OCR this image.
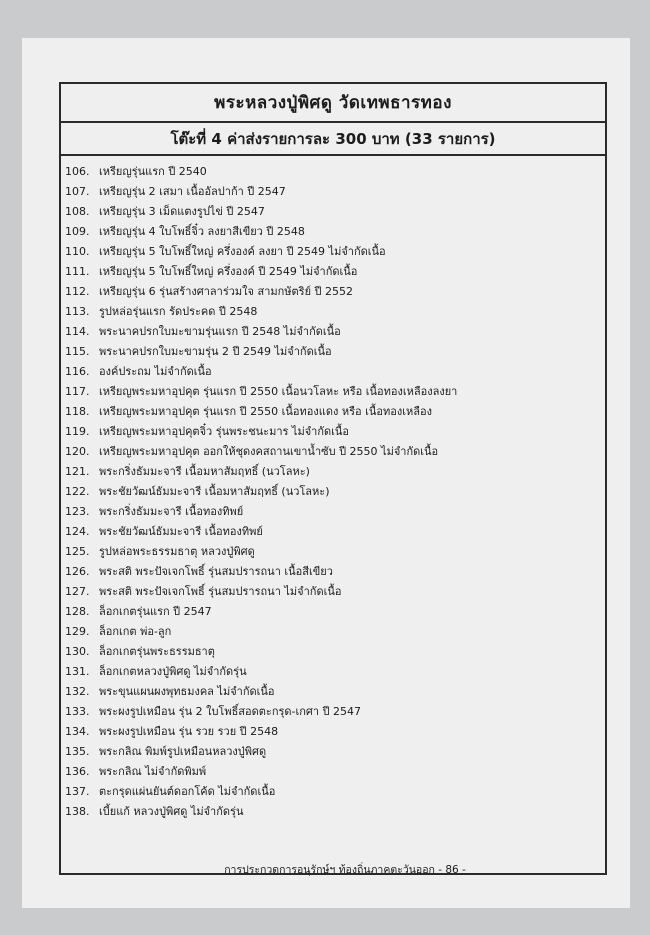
พระหลวงปู่พิศดู วัดเทพธารทอง
โต๊ะที่ 4 ค่าส่งรายการละ 300 บาท (33 รายการ)
106. เหรียญรุ่นแรก ปี 2540
107. เหรียญรุ่น 2 เสมา เนื้ออัลปาก้า ปี 2547
108. เหรียญรุ่น 3 เม็ดแตงรูปไข่ ปี 2547
109. เหรียญรุ่น 4 ใบโพธิ์จิ๋ว ลงยาสีเขียว ปี 2548
110. เหรียญรุ่น 5 ใบโพธิ์ใหญ่ ครึ่งองค์ ลงยา ปี 2549 ไม่จำกัดเนื้อ
111. เหรียญรุ่น 5 ใบโพธิ์ใหญ่ ครึ่งองค์ ปี 2549 ไม่จำกัดเนื้อ
112. เหรียญรุ่น 6 รุ่นสร้างศาลาร่วมใจ สามกษัตริย์ ปี 2552
113. รูปหล่อรุ่นแรก รัดประคด ปี 2548
114. พระนาคปรกใบมะขามรุ่นแรก ปี 2548 ไม่จำกัดเนื้อ
115. พระนาคปรกใบมะขามรุ่น 2 ปี 2549 ไม่จำกัดเนื้อ
116. องค์ประถม ไม่จำกัดเนื้อ
117. เหรียญพระมหาอุปคุต รุ่นแรก ปี 2550 เนื้อนวโลหะ หรือ เนื้อทองเหลืองลงยา
118. เหรียญพระมหาอุปคุต รุ่นแรก ปี 2550 เนื้อทองแดง หรือ เนื้อทองเหลือง
119. เหรียญพระมหาอุปคุตจิ๋ว รุ่นพระชนะมาร ไม่จำกัดเนื้อ
120. เหรียญพระมหาอุปคุต ออกให้ชุดงคสถานเขาน้ำซับ ปี 2550 ไม่จำกัดเนื้อ
121. พระกริ่งธัมมะจารี เนื้อมหาสัมฤทธิ์ (นวโลหะ)
122. พระชัยวัฒน์ธัมมะจารี เนื้อมหาสัมฤทธิ์ (นวโลหะ)
123. พระกริ่งธัมมะจารี เนื้อทองทิพย์
124. พระชัยวัฒน์ธัมมะจารี เนื้อทองทิพย์
125. รูปหล่อพระธรรมธาตุ หลวงปู่พิศดู
126. พระสติ พระปัจเจกโพธิ์ รุ่นสมปรารถนา เนื้อสีเขียว
127. พระสติ พระปัจเจกโพธิ์ รุ่นสมปรารถนา ไม่จำกัดเนื้อ
128. ล็อกเกตรุ่นแรก ปี 2547
129. ล็อกเกต พ่อ-ลูก
130. ล็อกเกตรุ่นพระธรรมธาตุ
131. ล็อกเกตหลวงปู่พิศดู ไม่จำกัดรุ่น
132. พระขุนแผนผงพุทธมงคล ไม่จำกัดเนื้อ
133. พระผงรูปเหมือน รุ่น 2 ใบโพธิ์สอดตะกรุด-เกศา ปี 2547
134. พระผงรูปเหมือน รุ่น รวย รวย ปี 2548
135. พระกลิณ พิมพ์รูปเหมือนหลวงปู่พิศดู
136. พระกลิณ ไม่จำกัดพิมพ์
137. ตะกรุดแผ่นยันต์ดอกโค้ด ไม่จำกัดเนื้อ
138. เบี้ยแก้ หลวงปู่พิศดู ไม่จำกัดรุ่น
การประกวดการอนุรักษ์ฯ ท้องถิ่นภาคตะวันออก - 86 -
